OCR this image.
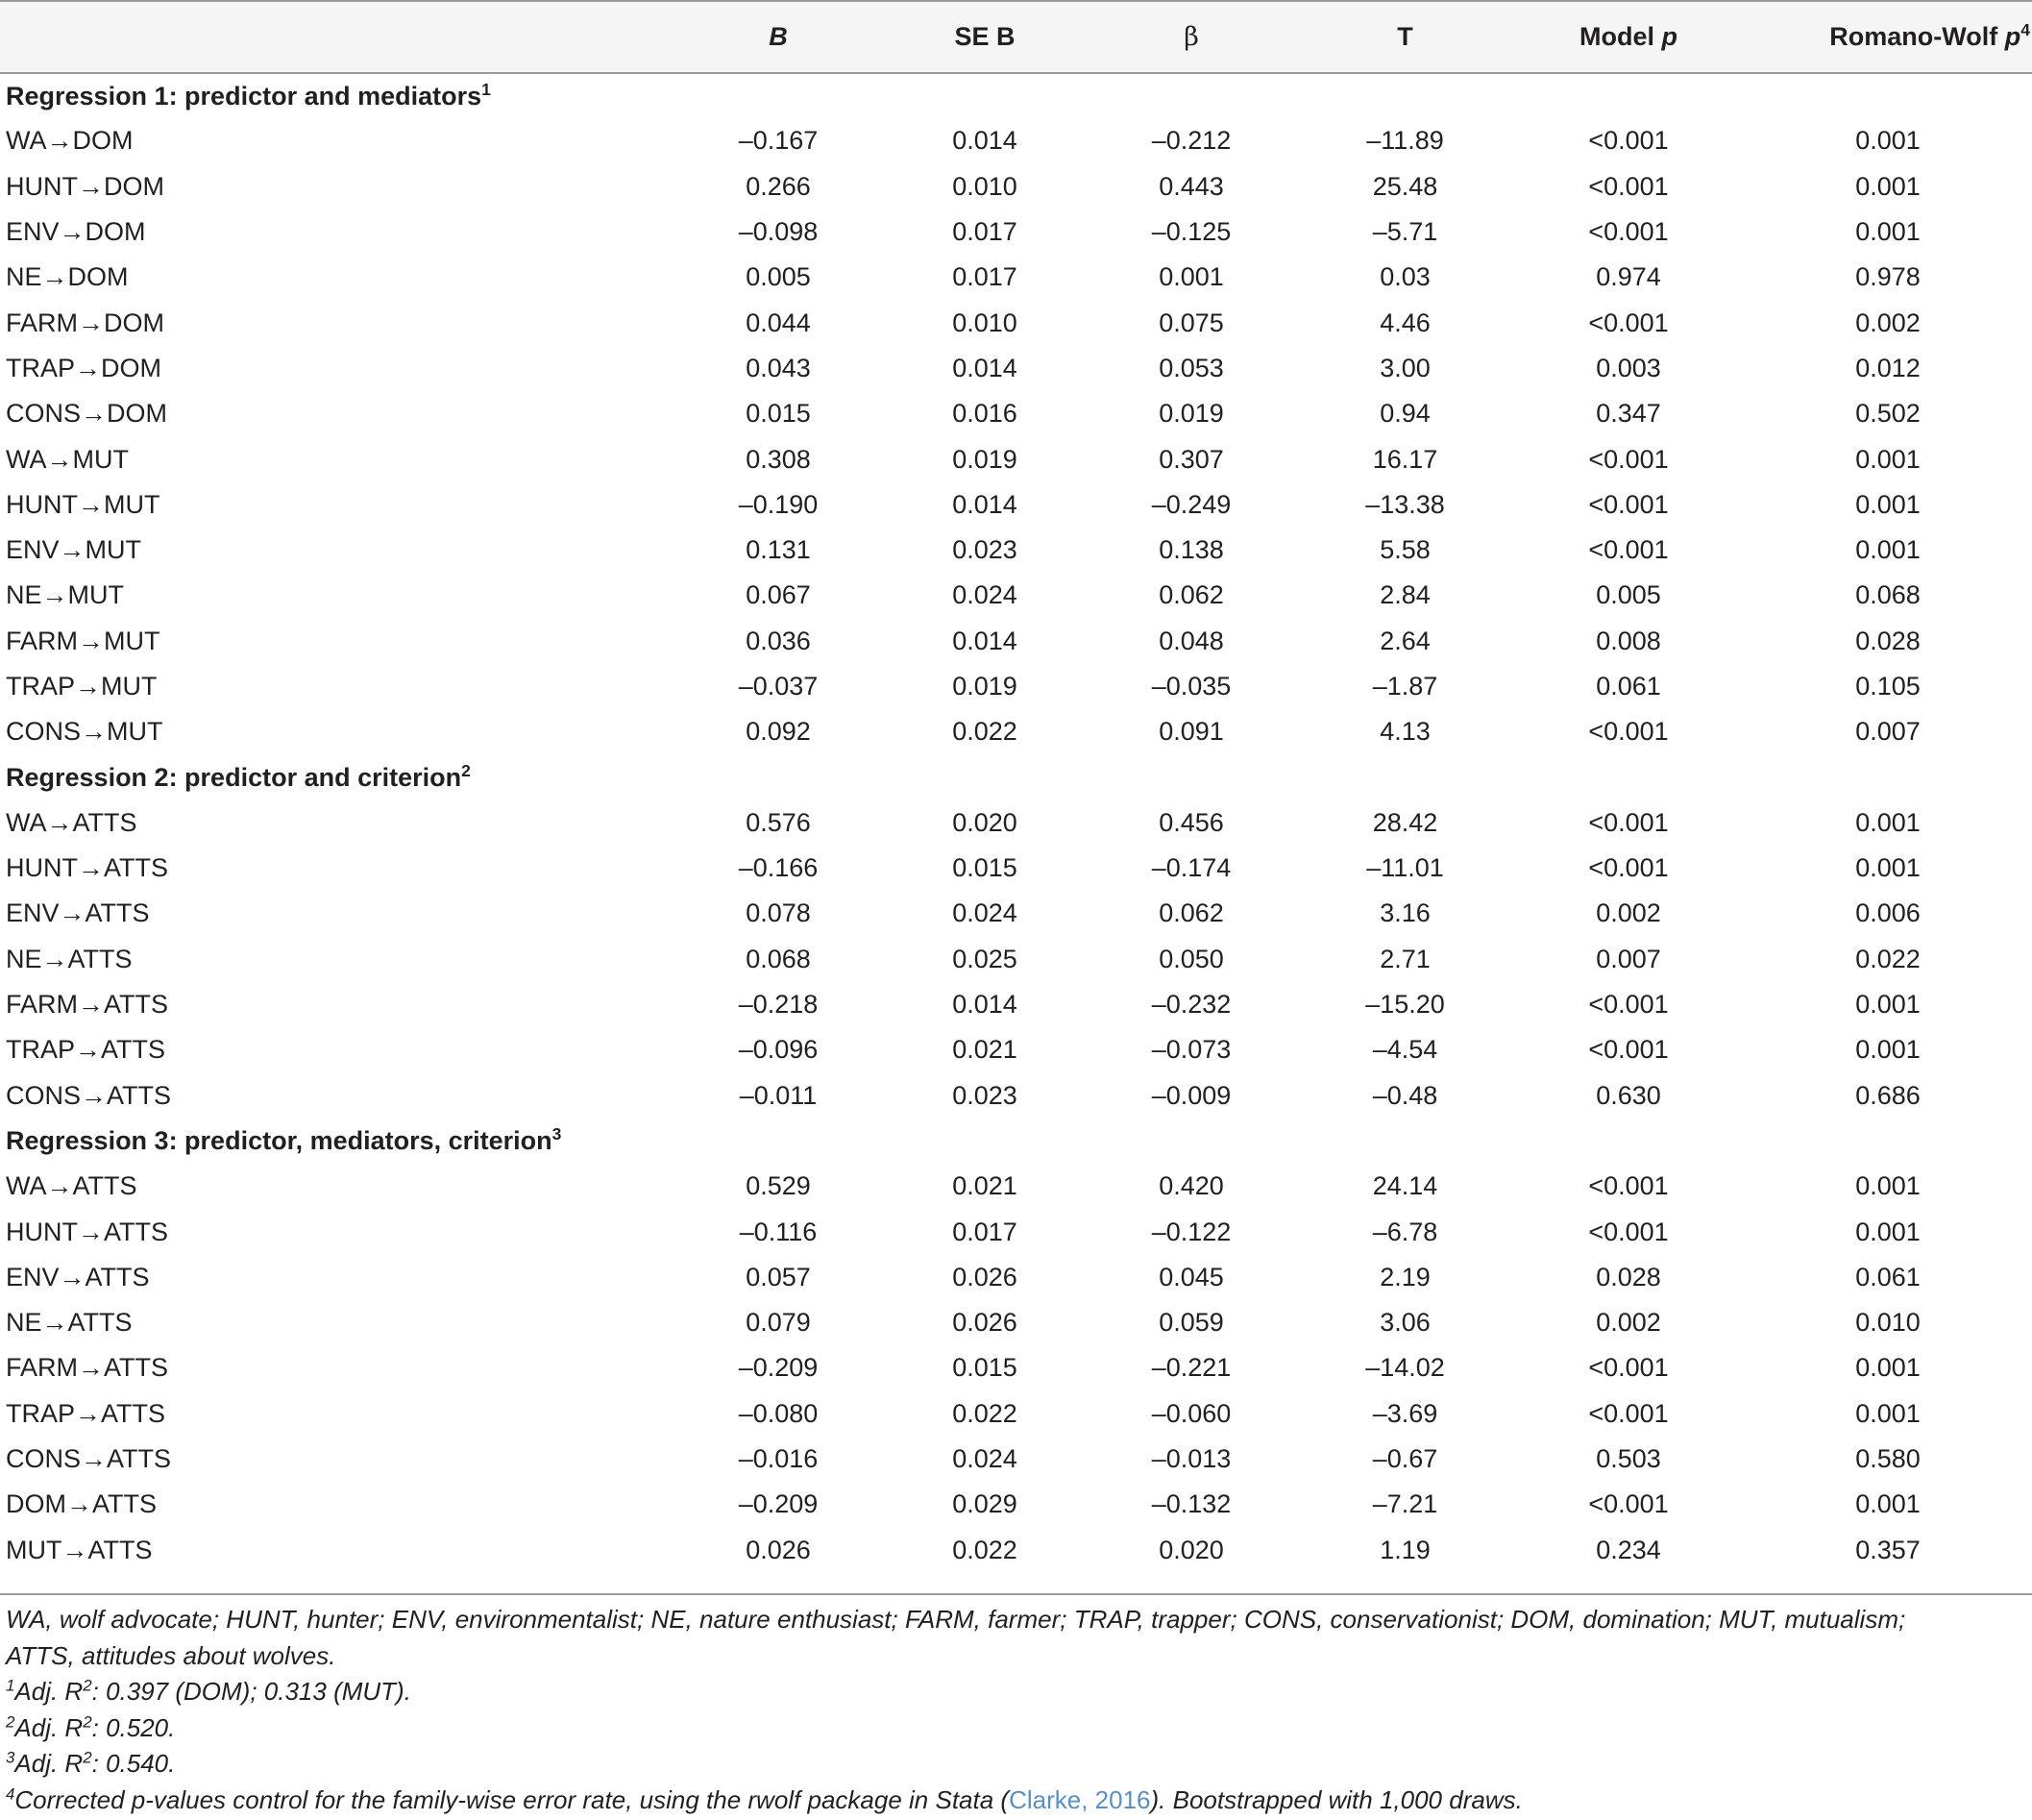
	B	SE B	β	T	Model p	Romano-Wolf $p^4$
Regression 1: predictor and mediators$^1$
WA→DOM	–0.167	0.014	–0.212	–11.89	<0.001	0.001
HUNT→DOM	0.266	0.010	0.443	25.48	<0.001	0.001
ENV→DOM	–0.098	0.017	–0.125	–5.71	<0.001	0.001
NE→DOM	0.005	0.017	0.001	0.03	0.974	0.978
FARM→DOM	0.044	0.010	0.075	4.46	<0.001	0.002
TRAP→DOM	0.043	0.014	0.053	3.00	0.003	0.012
CONS→DOM	0.015	0.016	0.019	0.94	0.347	0.502
WA→MUT	0.308	0.019	0.307	16.17	<0.001	0.001
HUNT→MUT	–0.190	0.014	–0.249	–13.38	<0.001	0.001
ENV→MUT	0.131	0.023	0.138	5.58	<0.001	0.001
NE→MUT	0.067	0.024	0.062	2.84	0.005	0.068
FARM→MUT	0.036	0.014	0.048	2.64	0.008	0.028
TRAP→MUT	–0.037	0.019	–0.035	–1.87	0.061	0.105
CONS→MUT	0.092	0.022	0.091	4.13	<0.001	0.007
Regression 2: predictor and criterion$^2$
WA→ATTS	0.576	0.020	0.456	28.42	<0.001	0.001
HUNT→ATTS	–0.166	0.015	–0.174	–11.01	<0.001	0.001
ENV→ATTS	0.078	0.024	0.062	3.16	0.002	0.006
NE→ATTS	0.068	0.025	0.050	2.71	0.007	0.022
FARM→ATTS	–0.218	0.014	–0.232	–15.20	<0.001	0.001
TRAP→ATTS	–0.096	0.021	–0.073	–4.54	<0.001	0.001
CONS→ATTS	–0.011	0.023	–0.009	–0.48	0.630	0.686
Regression 3: predictor, mediators, criterion$^3$
WA→ATTS	0.529	0.021	0.420	24.14	<0.001	0.001
HUNT→ATTS	–0.116	0.017	–0.122	–6.78	<0.001	0.001
ENV→ATTS	0.057	0.026	0.045	2.19	0.028	0.061
NE→ATTS	0.079	0.026	0.059	3.06	0.002	0.010
FARM→ATTS	–0.209	0.015	–0.221	–14.02	<0.001	0.001
TRAP→ATTS	–0.080	0.022	–0.060	–3.69	<0.001	0.001
CONS→ATTS	–0.016	0.024	–0.013	–0.67	0.503	0.580
DOM→ATTS	–0.209	0.029	–0.132	–7.21	<0.001	0.001
MUT→ATTS	0.026	0.022	0.020	1.19	0.234	0.357
WA, wolf advocate; HUNT, hunter; ENV, environmentalist; NE, nature enthusiast; FARM, farmer; TRAP, trapper; CONS, conservationist; DOM, domination; MUT, mutualism;
ATTS, attitudes about wolves.
$^1$Adj. $R^2$: 0.397 (DOM); 0.313 (MUT).
$^2$Adj. $R^2$: 0.520.
$^3$Adj. $R^2$: 0.540.
$^4$Corrected p-values control for the family-wise error rate, using the rwolf package in Stata (Clarke, 2016). Bootstrapped with 1,000 draws.
